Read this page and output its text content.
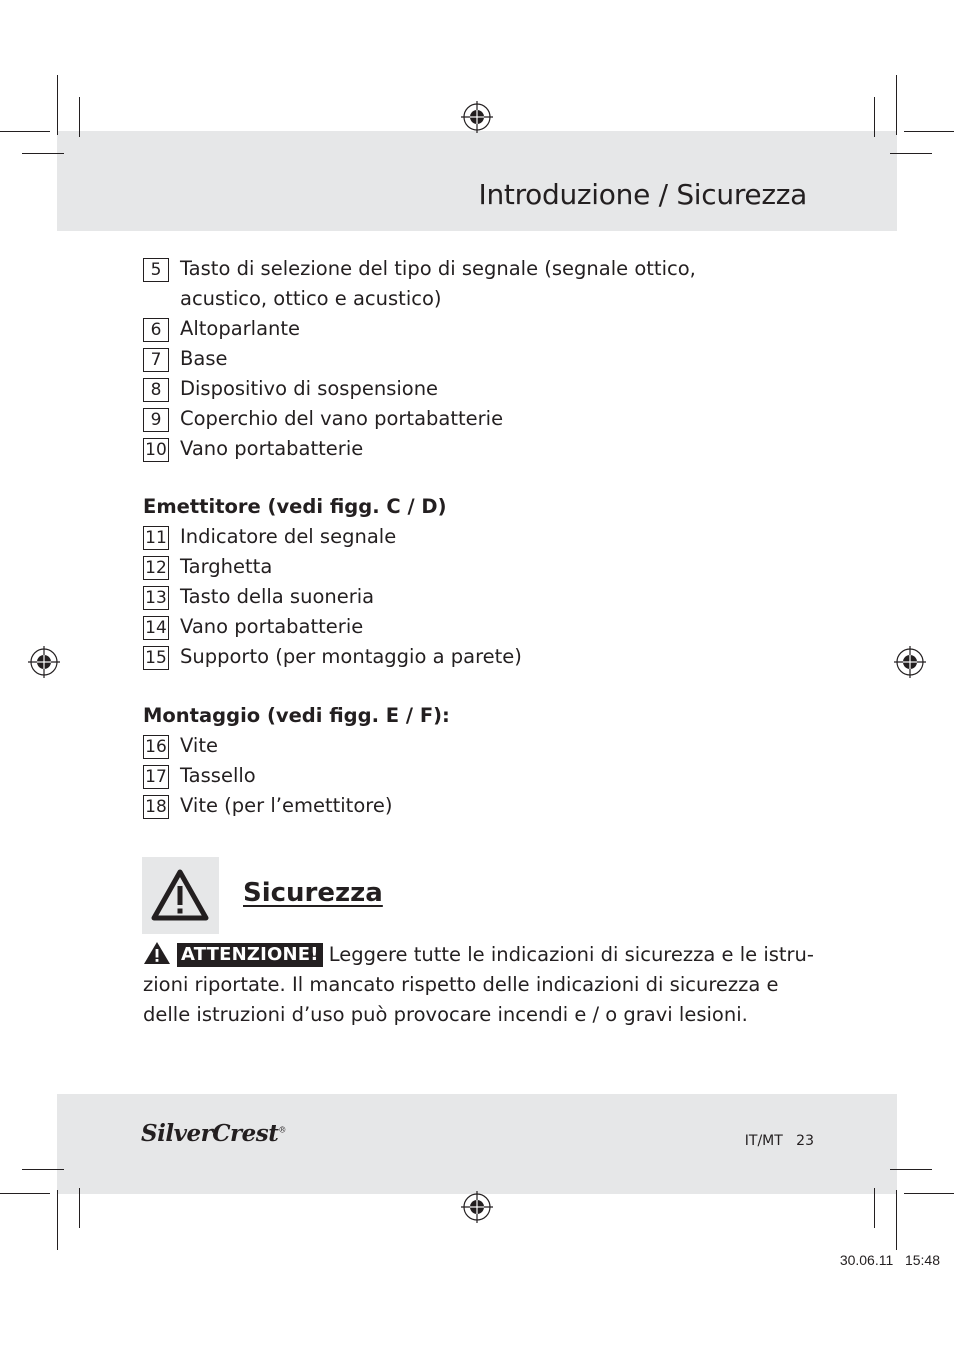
Introduzione / Sicurezza
5 Tasto di selezione del tipo di segnale (segnale ottico, acustico, ottico e acustico)
6 Altoparlante
7 Base
8 Dispositivo di sospensione
9 Coperchio del vano portabatterie
10 Vano portabatterie
Emettitore (vedi figg. C / D)
11 Indicatore del segnale
12 Targhetta
13 Tasto della suoneria
14 Vano portabatterie
15 Supporto (per montaggio a parete)
Montaggio (vedi figg. E / F):
16 Vite
17 Tassello
18 Vite (per l’emettitore)
Sicurezza

ATTENZIONE! Leggere tutte le indicazioni di sicurezza e le istru-zioni riportate. Il mancato rispetto delle indicazioni di sicurezza e delle istruzioni d’uso può provocare incendi e / o gravi lesioni.

SilverCrest®
IT/MT 23
30.06.11 15:48
